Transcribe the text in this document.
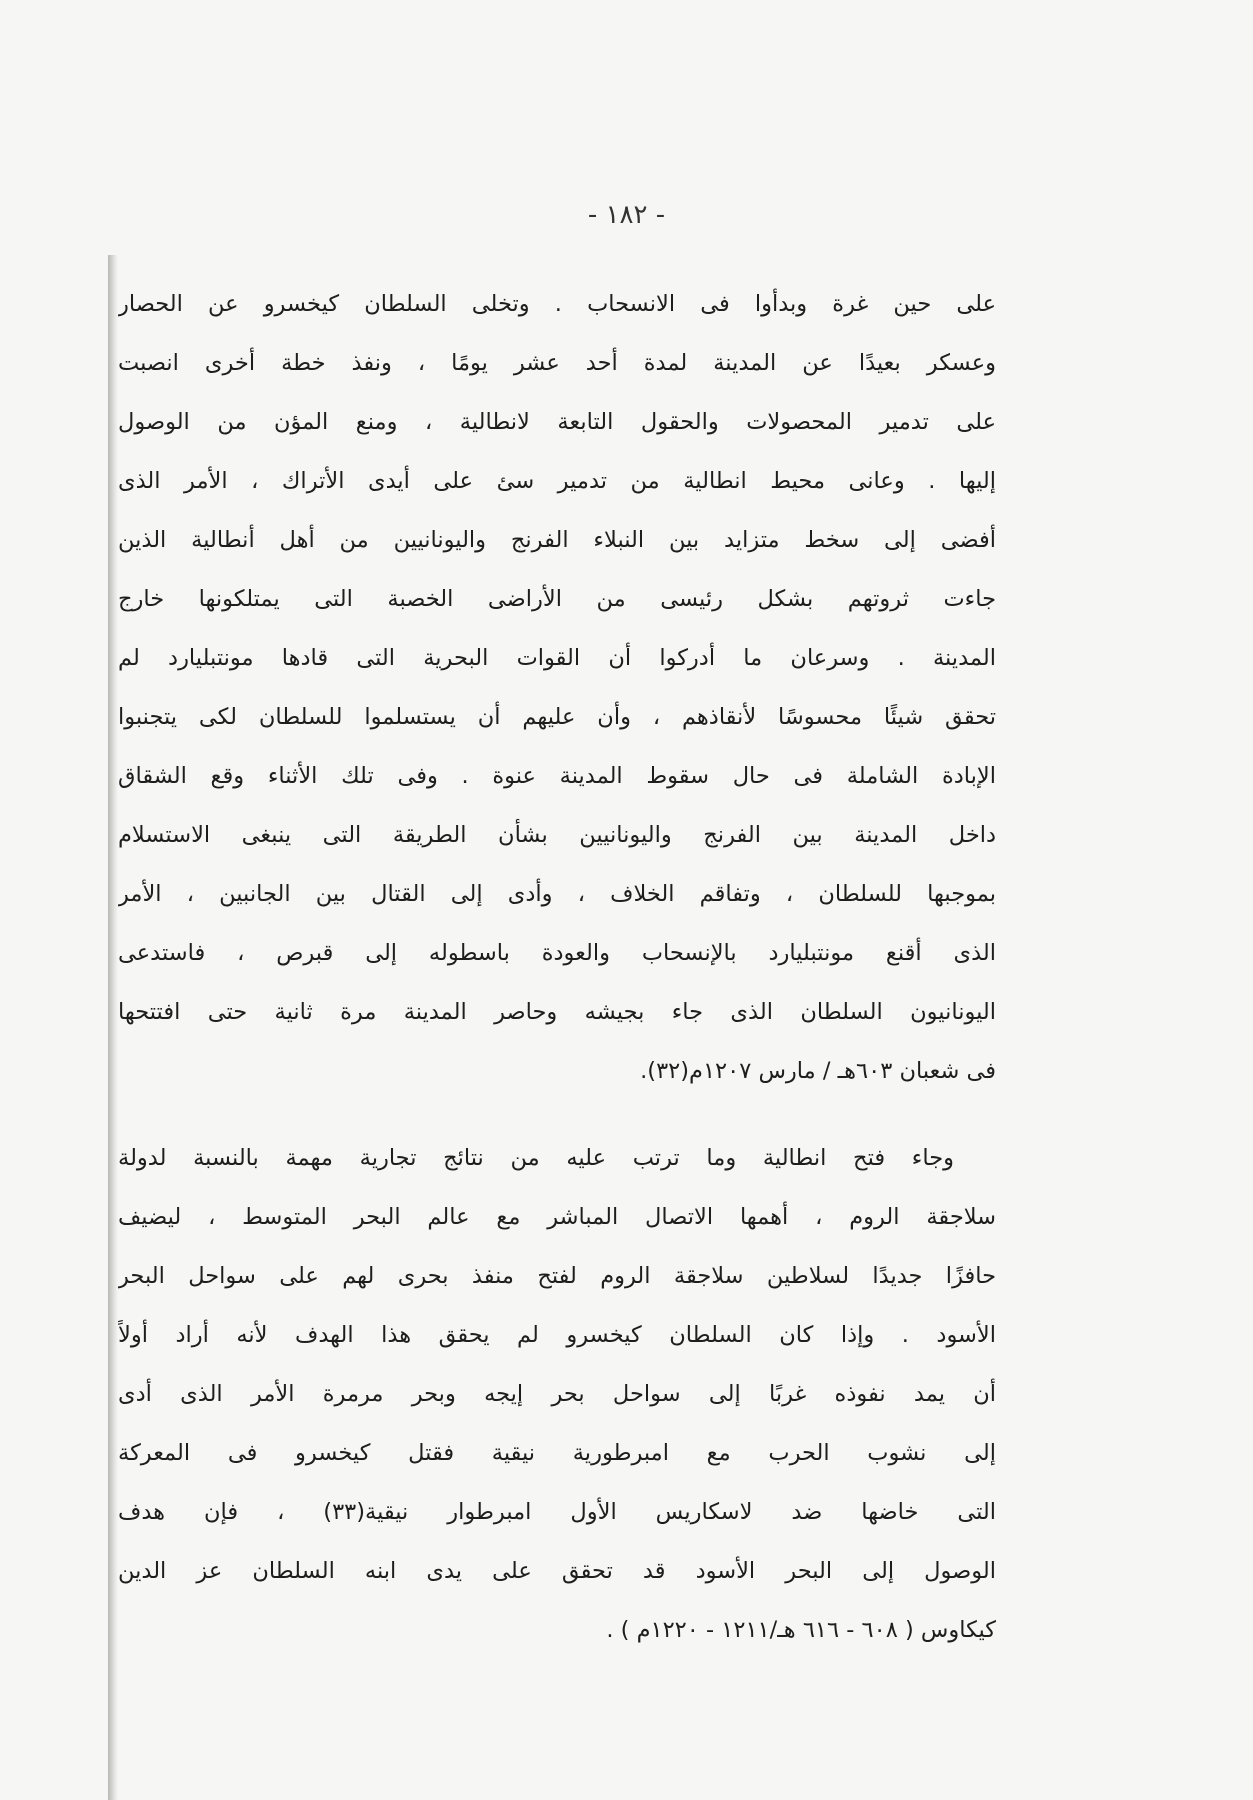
- ١٨٢ -
على حين غرة وبدأوا فى الانسحاب . وتخلى السلطان كيخسرو عن الحصار
وعسكر بعيدًا عن المدينة لمدة أحد عشر يومًا ، ونفذ خطة أخرى انصبت
على تدمير المحصولات والحقول التابعة لانطالية ، ومنع المؤن من الوصول
إليها . وعانى محيط انطالية من تدمير سئ على أيدى الأتراك ، الأمر الذى
أفضى إلى سخط متزايد بين النبلاء الفرنج واليونانيين من أهل أنطالية الذين
جاءت ثروتهم بشكل رئيسى من الأراضى الخصبة التى يمتلكونها خارج
المدينة . وسرعان ما أدركوا أن القوات البحرية التى قادها مونتبليارد لم
تحقق شيئًا محسوسًا لأنقاذهم ، وأن عليهم أن يستسلموا للسلطان لكى يتجنبوا
الإبادة الشاملة فى حال سقوط المدينة عنوة . وفى تلك الأثناء وقع الشقاق
داخل المدينة بين الفرنج واليونانيين بشأن الطريقة التى ينبغى الاستسلام
بموجبها للسلطان ، وتفاقم الخلاف ، وأدى إلى القتال بين الجانبين ، الأمر
الذى أقنع مونتبليارد بالإنسحاب والعودة باسطوله إلى قبرص ، فاستدعى
اليونانيون السلطان الذى جاء بجيشه وحاصر المدينة مرة ثانية حتى افتتحها
فى شعبان ٦٠٣هـ / مارس ١٢٠٧م(٣٢).
وجاء فتح انطالية وما ترتب عليه من نتائج تجارية مهمة بالنسبة لدولة
سلاجقة الروم ، أهمها الاتصال المباشر مع عالم البحر المتوسط ، ليضيف
حافزًا جديدًا لسلاطين سلاجقة الروم لفتح منفذ بحرى لهم على سواحل البحر
الأسود . وإذا كان السلطان كيخسرو لم يحقق هذا الهدف لأنه أراد أولاً
أن يمد نفوذه غربًا إلى سواحل بحر إيجه وبحر مرمرة الأمر الذى أدى
إلى نشوب الحرب مع امبرطورية نيقية فقتل كيخسرو فى المعركة
التى خاضها ضد لاسكاريس الأول امبرطوار نيقية(٣٣) ، فإن هدف
الوصول إلى البحر الأسود قد تحقق على يدى ابنه السلطان عز الدين
كيكاوس ( ٦٠٨ - ٦١٦ هـ/١٢١١ - ١٢٢٠م ) .
